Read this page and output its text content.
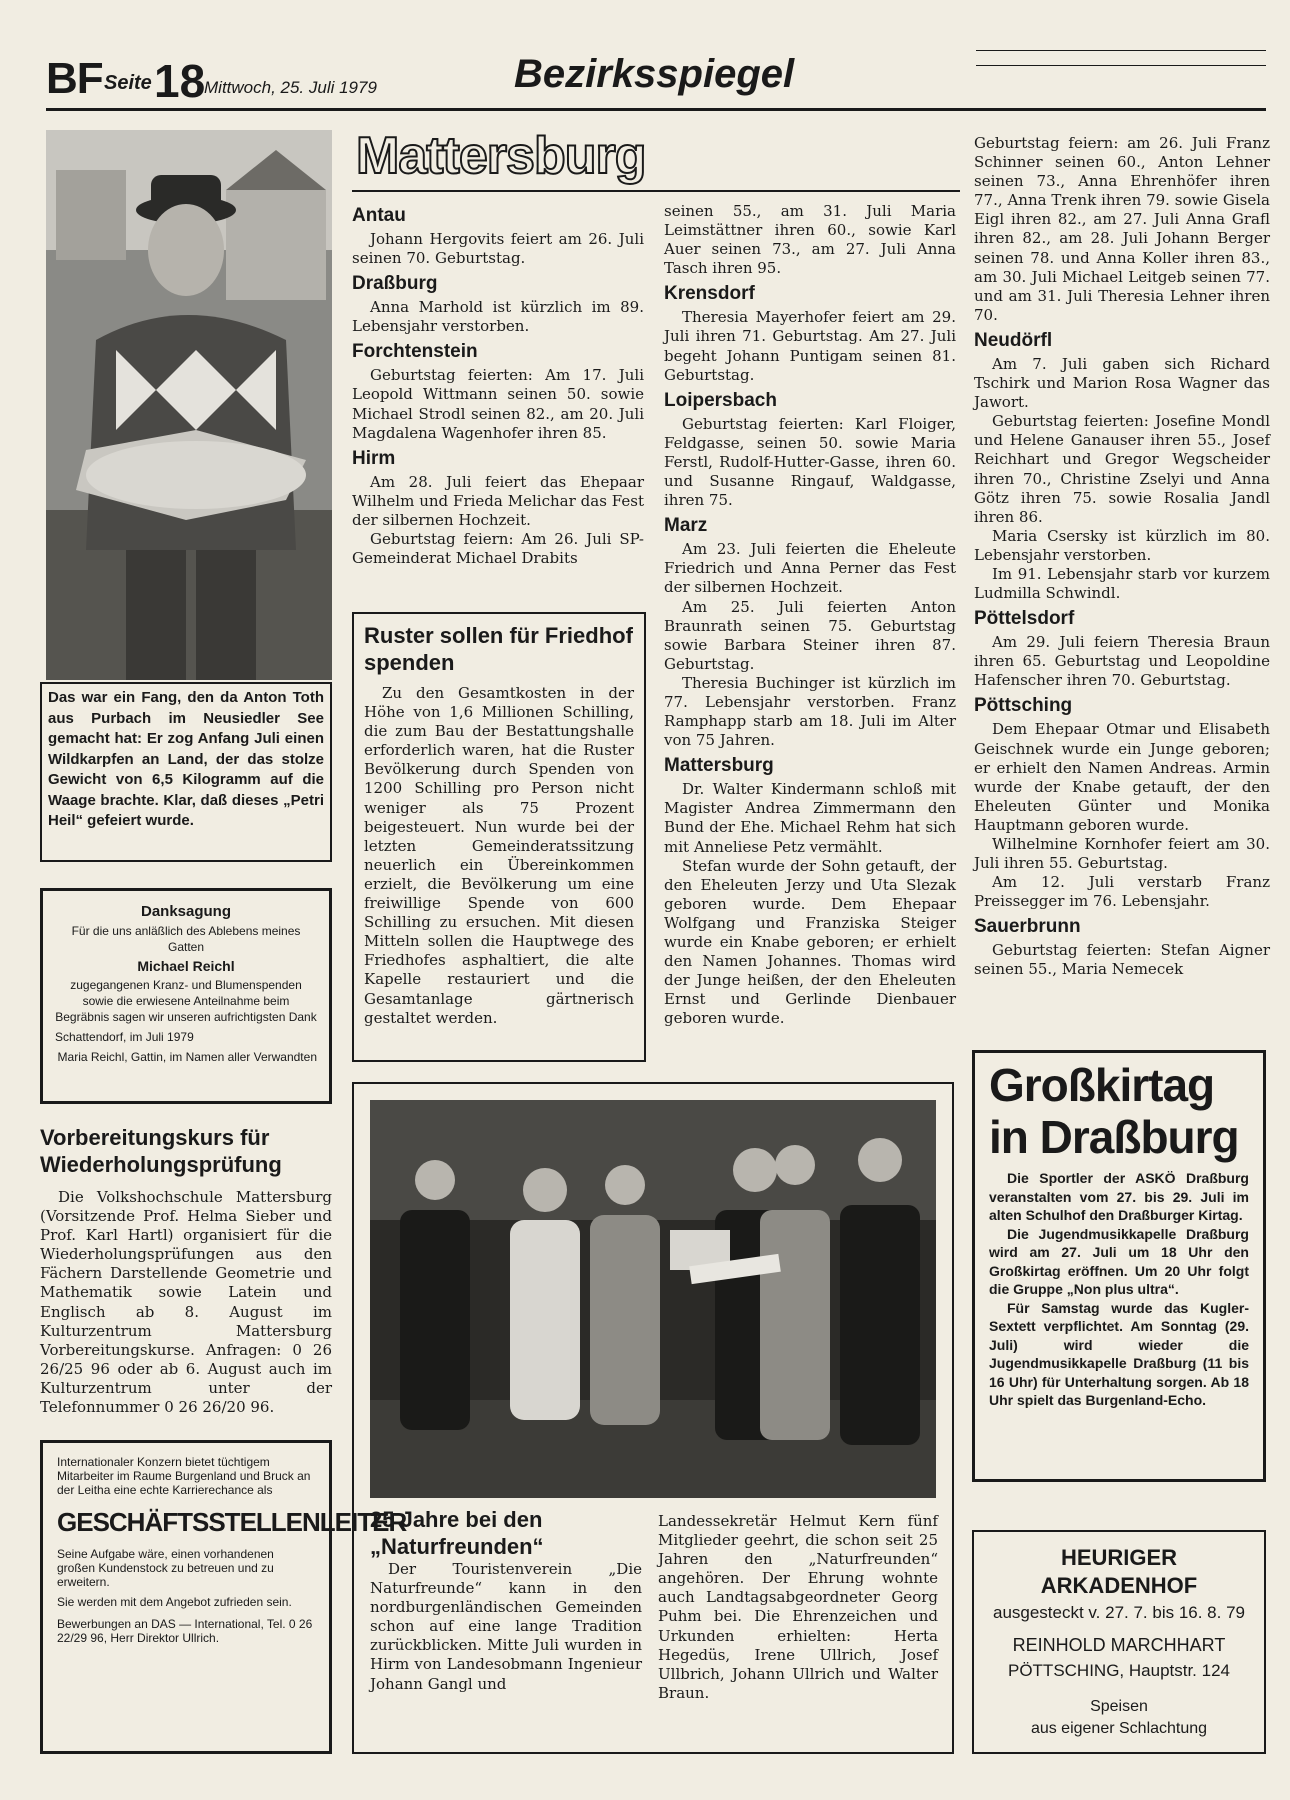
BF Seite 18
Mittwoch, 25. Juli 1979	Bezirksspiegel
Das war ein Fang, den da Anton Toth aus Purbach im Neusiedler See gemacht hat: Er zog Anfang Juli einen Wildkarpfen an Land, der das stolze Gewicht von 6,5 Kilogramm auf die Waage brachte. Klar, daß dieses „Petri Heil“ gefeiert wurde.
Danksagung
Für die uns anläßlich des Ablebens meines Gatten
Michael Reichl
zugegangenen Kranz- und Blumenspenden sowie die erwiesene Anteilnahme beim Begräbnis sagen wir unseren aufrichtigsten Dank
Schattendorf, im Juli 1979
Maria Reichl, Gattin, im Namen aller Verwandten
Vorbereitungskurs für Wiederholungsprüfung

Die Volkshochschule Mattersburg (Vorsitzende Prof. Helma Sieber und Prof. Karl Hartl) organisiert für die Wiederholungsprüfungen aus den Fächern Darstellende Geometrie und Mathematik sowie Latein und Englisch ab 8. August im Kulturzentrum Mattersburg Vorbereitungskurse. Anfragen: 0 26 26/25 96 oder ab 6. August auch im Kulturzentrum unter der Telefonnummer 0 26 26/20 96.

Internationaler Konzern bietet tüchtigem Mitarbeiter im Raume Burgenland und Bruck an der Leitha eine echte Karrierechance als
GESCHÄFTSSTELLENLEITER
Seine Aufgabe wäre, einen vorhandenen großen Kundenstock zu betreuen und zu erweitern.
Sie werden mit dem Angebot zufrieden sein.
Bewerbungen an DAS — International, Tel. 0 26 22/29 96, Herr Direktor Ullrich.
Mattersburg
Antau

Johann Hergovits feiert am 26. Juli seinen 70. Geburtstag.

Draßburg

Anna Marhold ist kürzlich im 89. Lebensjahr verstorben.

Forchtenstein

Geburtstag feierten: Am 17. Juli Leopold Wittmann seinen 50. sowie Michael Strodl seinen 82., am 20. Juli Magdalena Wagenhofer ihren 85.

Hirm

Am 28. Juli feiert das Ehepaar Wilhelm und Frieda Melichar das Fest der silbernen Hochzeit.

Geburtstag feiern: Am 26. Juli SP-Gemeinderat Michael Drabits

Ruster sollen für Friedhof spenden

Zu den Gesamtkosten in der Höhe von 1,6 Millionen Schilling, die zum Bau der Bestattungshalle erforderlich waren, hat die Ruster Bevölkerung durch Spenden von 1200 Schilling pro Person nicht weniger als 75 Prozent beigesteuert. Nun wurde bei der letzten Gemeinderatssitzung neuerlich ein Übereinkommen erzielt, die Bevölkerung um eine freiwillige Spende von 600 Schilling zu ersuchen. Mit diesen Mitteln sollen die Hauptwege des Friedhofes asphaltiert, die alte Kapelle restauriert und die Gesamtanlage gärtnerisch gestaltet werden.

seinen 55., am 31. Juli Maria Leimstättner ihren 60., sowie Karl Auer seinen 73., am 27. Juli Anna Tasch ihren 95.

Krensdorf

Theresia Mayerhofer feiert am 29. Juli ihren 71. Geburtstag. Am 27. Juli begeht Johann Puntigam seinen 81. Geburtstag.

Loipersbach

Geburtstag feierten: Karl Floiger, Feldgasse, seinen 50. sowie Maria Ferstl, Rudolf-Hutter-Gasse, ihren 60. und Susanne Ringauf, Waldgasse, ihren 75.

Marz

Am 23. Juli feierten die Eheleute Friedrich und Anna Perner das Fest der silbernen Hochzeit.

Am 25. Juli feierten Anton Braunrath seinen 75. Geburtstag sowie Barbara Steiner ihren 87. Geburtstag.

Theresia Buchinger ist kürzlich im 77. Lebensjahr verstorben. Franz Ramphapp starb am 18. Juli im Alter von 75 Jahren.

Mattersburg

Dr. Walter Kindermann schloß mit Magister Andrea Zimmermann den Bund der Ehe. Michael Rehm hat sich mit Anneliese Petz vermählt.

Stefan wurde der Sohn getauft, der den Eheleuten Jerzy und Uta Slezak geboren wurde. Dem Ehepaar Wolfgang und Franziska Steiger wurde ein Knabe geboren; er erhielt den Namen Johannes. Thomas wird der Junge heißen, der den Eheleuten Ernst und Gerlinde Dienbauer geboren wurde.

Geburtstag feiern: am 26. Juli Franz Schinner seinen 60., Anton Lehner seinen 73., Anna Ehrenhöfer ihren 77., Anna Trenk ihren 79. sowie Gisela Eigl ihren 82., am 27. Juli Anna Grafl ihren 82., am 28. Juli Johann Berger seinen 78. und Anna Koller ihren 83., am 30. Juli Michael Leitgeb seinen 77. und am 31. Juli Theresia Lehner ihren 70.

Neudörfl

Am 7. Juli gaben sich Richard Tschirk und Marion Rosa Wagner das Jawort.

Geburtstag feierten: Josefine Mondl und Helene Ganauser ihren 55., Josef Reichhart und Gregor Wegscheider ihren 70., Christine Zselyi und Anna Götz ihren 75. sowie Rosalia Jandl ihren 86.

Maria Csersky ist kürzlich im 80. Lebensjahr verstorben.

Im 91. Lebensjahr starb vor kurzem Ludmilla Schwindl.

Pöttelsdorf

Am 29. Juli feiern Theresia Braun ihren 65. Geburtstag und Leopoldine Hafenscher ihren 70. Geburtstag.

Pöttsching

Dem Ehepaar Otmar und Elisabeth Geischnek wurde ein Junge geboren; er erhielt den Namen Andreas. Armin wurde der Knabe getauft, der den Eheleuten Günter und Monika Hauptmann geboren wurde.

Wilhelmine Kornhofer feiert am 30. Juli ihren 55. Geburtstag.

Am 12. Juli verstarb Franz Preissegger im 76. Lebensjahr.

Sauerbrunn

Geburtstag feierten: Stefan Aigner seinen 55., Maria Nemecek

Großkirtag
in Draßburg

Die Sportler der ASKÖ Draßburg veranstalten vom 27. bis 29. Juli im alten Schulhof den Draßburger Kirtag.

Die Jugendmusikkapelle Draßburg wird am 27. Juli um 18 Uhr den Großkirtag eröffnen. Um 20 Uhr folgt die Gruppe „Non plus ultra“.

Für Samstag wurde das Kugler-Sextett verpflichtet. Am Sonntag (29. Juli) wird wieder die Jugendmusikkapelle Draßburg (11 bis 16 Uhr) für Unterhaltung sorgen. Ab 18 Uhr spielt das Burgenland-Echo.

HEURIGER ARKADENHOF
ausgesteckt v. 27. 7. bis 16. 8. 79
REINHOLD MARCHHART
PÖTTSCHING, Hauptstr. 124
Speisen
aus eigener Schlachtung
25 Jahre bei den
„Naturfreunden“

Der Touristenverein „Die Naturfreunde“ kann in den nordburgenländischen Gemeinden schon auf eine lange Tradition zurückblicken. Mitte Juli wurden in Hirm von Landesobmann Ingenieur Johann Gangl und

Landessekretär Helmut Kern fünf Mitglieder geehrt, die schon seit 25 Jahren den „Naturfreunden“ angehören. Der Ehrung wohnte auch Landtagsabgeordneter Georg Puhm bei. Die Ehrenzeichen und Urkunden erhielten: Herta Hegedüs, Irene Ullrich, Josef Ullbrich, Johann Ullrich und Walter Braun.
